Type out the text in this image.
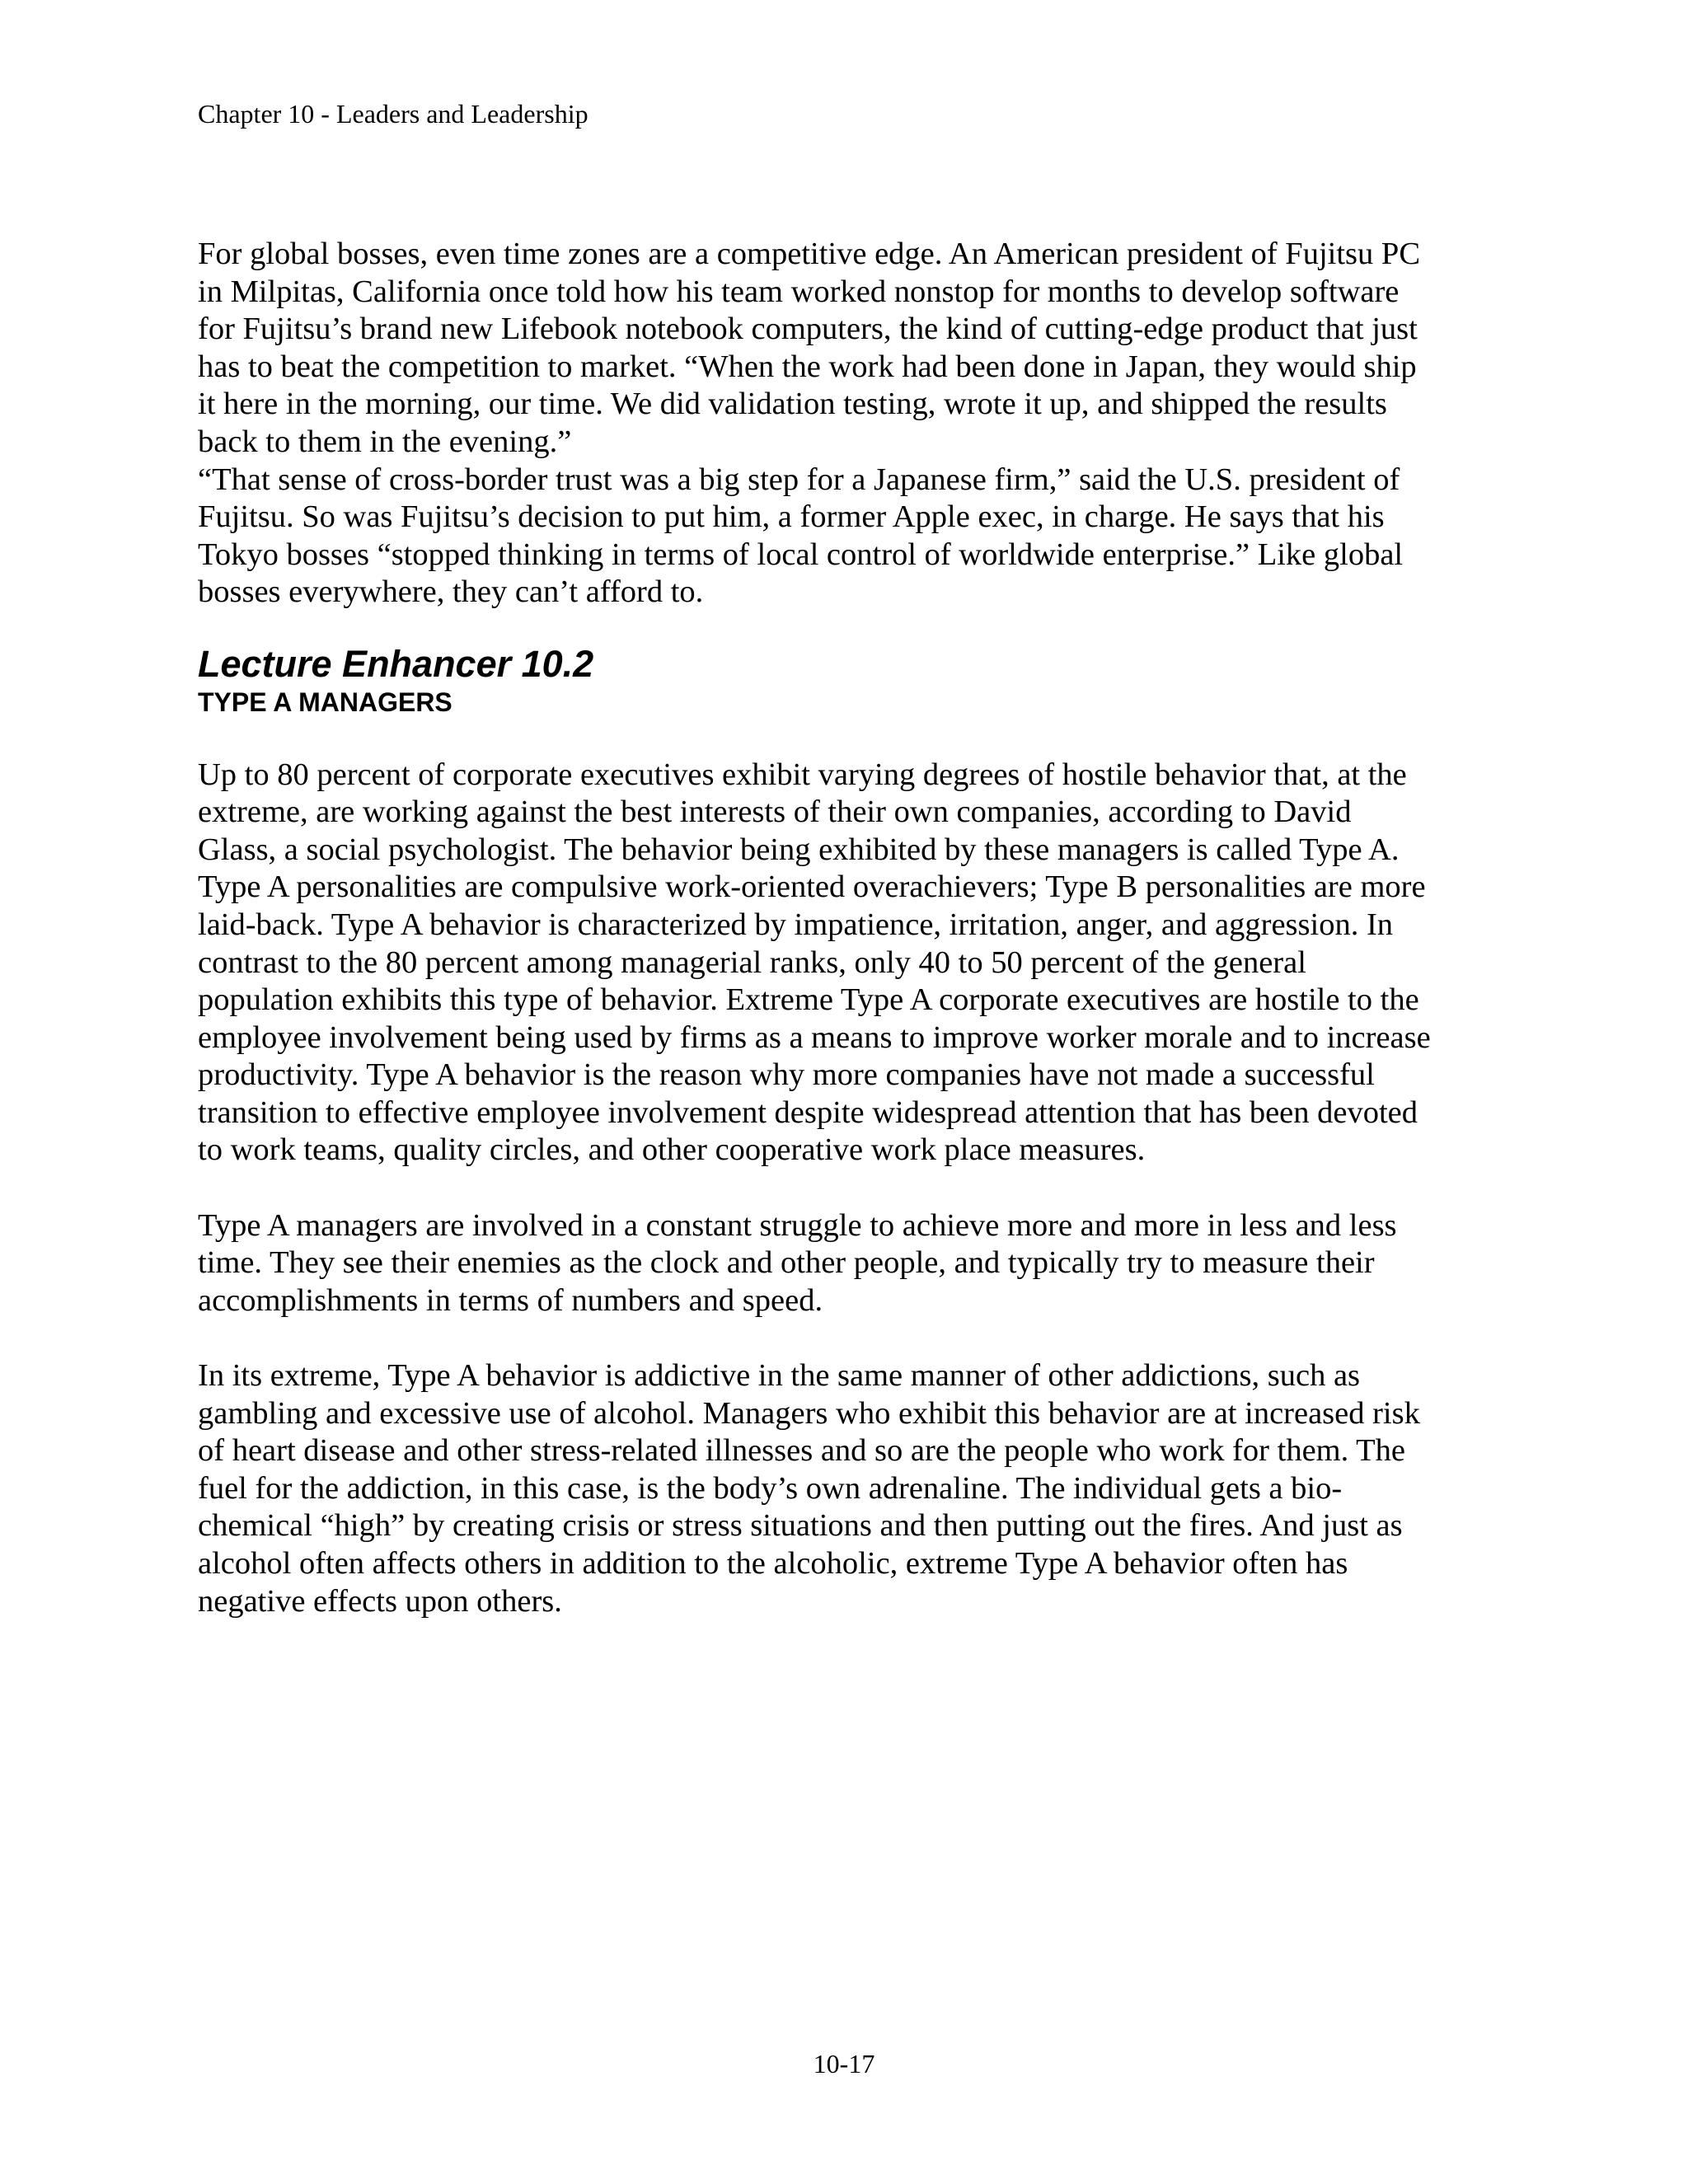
Chapter 10 - Leaders and Leadership

For global bosses, even time zones are a competitive edge. An American president of Fujitsu PC
in Milpitas, California once told how his team worked nonstop for months to develop software
for Fujitsu’s brand new Lifebook notebook computers, the kind of cutting-edge product that just
has to beat the competition to market. “When the work had been done in Japan, they would ship
it here in the morning, our time. We did validation testing, wrote it up, and shipped the results
back to them in the evening.”

“That sense of cross-border trust was a big step for a Japanese firm,” said the U.S. president of
Fujitsu. So was Fujitsu’s decision to put him, a former Apple exec, in charge. He says that his
Tokyo bosses “stopped thinking in terms of local control of worldwide enterprise.” Like global
bosses everywhere, they can’t afford to.

Lecture Enhancer 10.2
TYPE A MANAGERS

Up to 80 percent of corporate executives exhibit varying degrees of hostile behavior that, at the
extreme, are working against the best interests of their own companies, according to David
Glass, a social psychologist. The behavior being exhibited by these managers is called Type A.
Type A personalities are compulsive work-oriented overachievers; Type B personalities are more
laid-back. Type A behavior is characterized by impatience, irritation, anger, and aggression. In
contrast to the 80 percent among managerial ranks, only 40 to 50 percent of the general
population exhibits this type of behavior. Extreme Type A corporate executives are hostile to the
employee involvement being used by firms as a means to improve worker morale and to increase
productivity. Type A behavior is the reason why more companies have not made a successful
transition to effective employee involvement despite widespread attention that has been devoted
to work teams, quality circles, and other cooperative work place measures.

Type A managers are involved in a constant struggle to achieve more and more in less and less
time. They see their enemies as the clock and other people, and typically try to measure their
accomplishments in terms of numbers and speed.

In its extreme, Type A behavior is addictive in the same manner of other addictions, such as
gambling and excessive use of alcohol. Managers who exhibit this behavior are at increased risk
of heart disease and other stress-related illnesses and so are the people who work for them. The
fuel for the addiction, in this case, is the body’s own adrenaline. The individual gets a bio-
chemical “high” by creating crisis or stress situations and then putting out the fires. And just as
alcohol often affects others in addition to the alcoholic, extreme Type A behavior often has
negative effects upon others.

10-17
